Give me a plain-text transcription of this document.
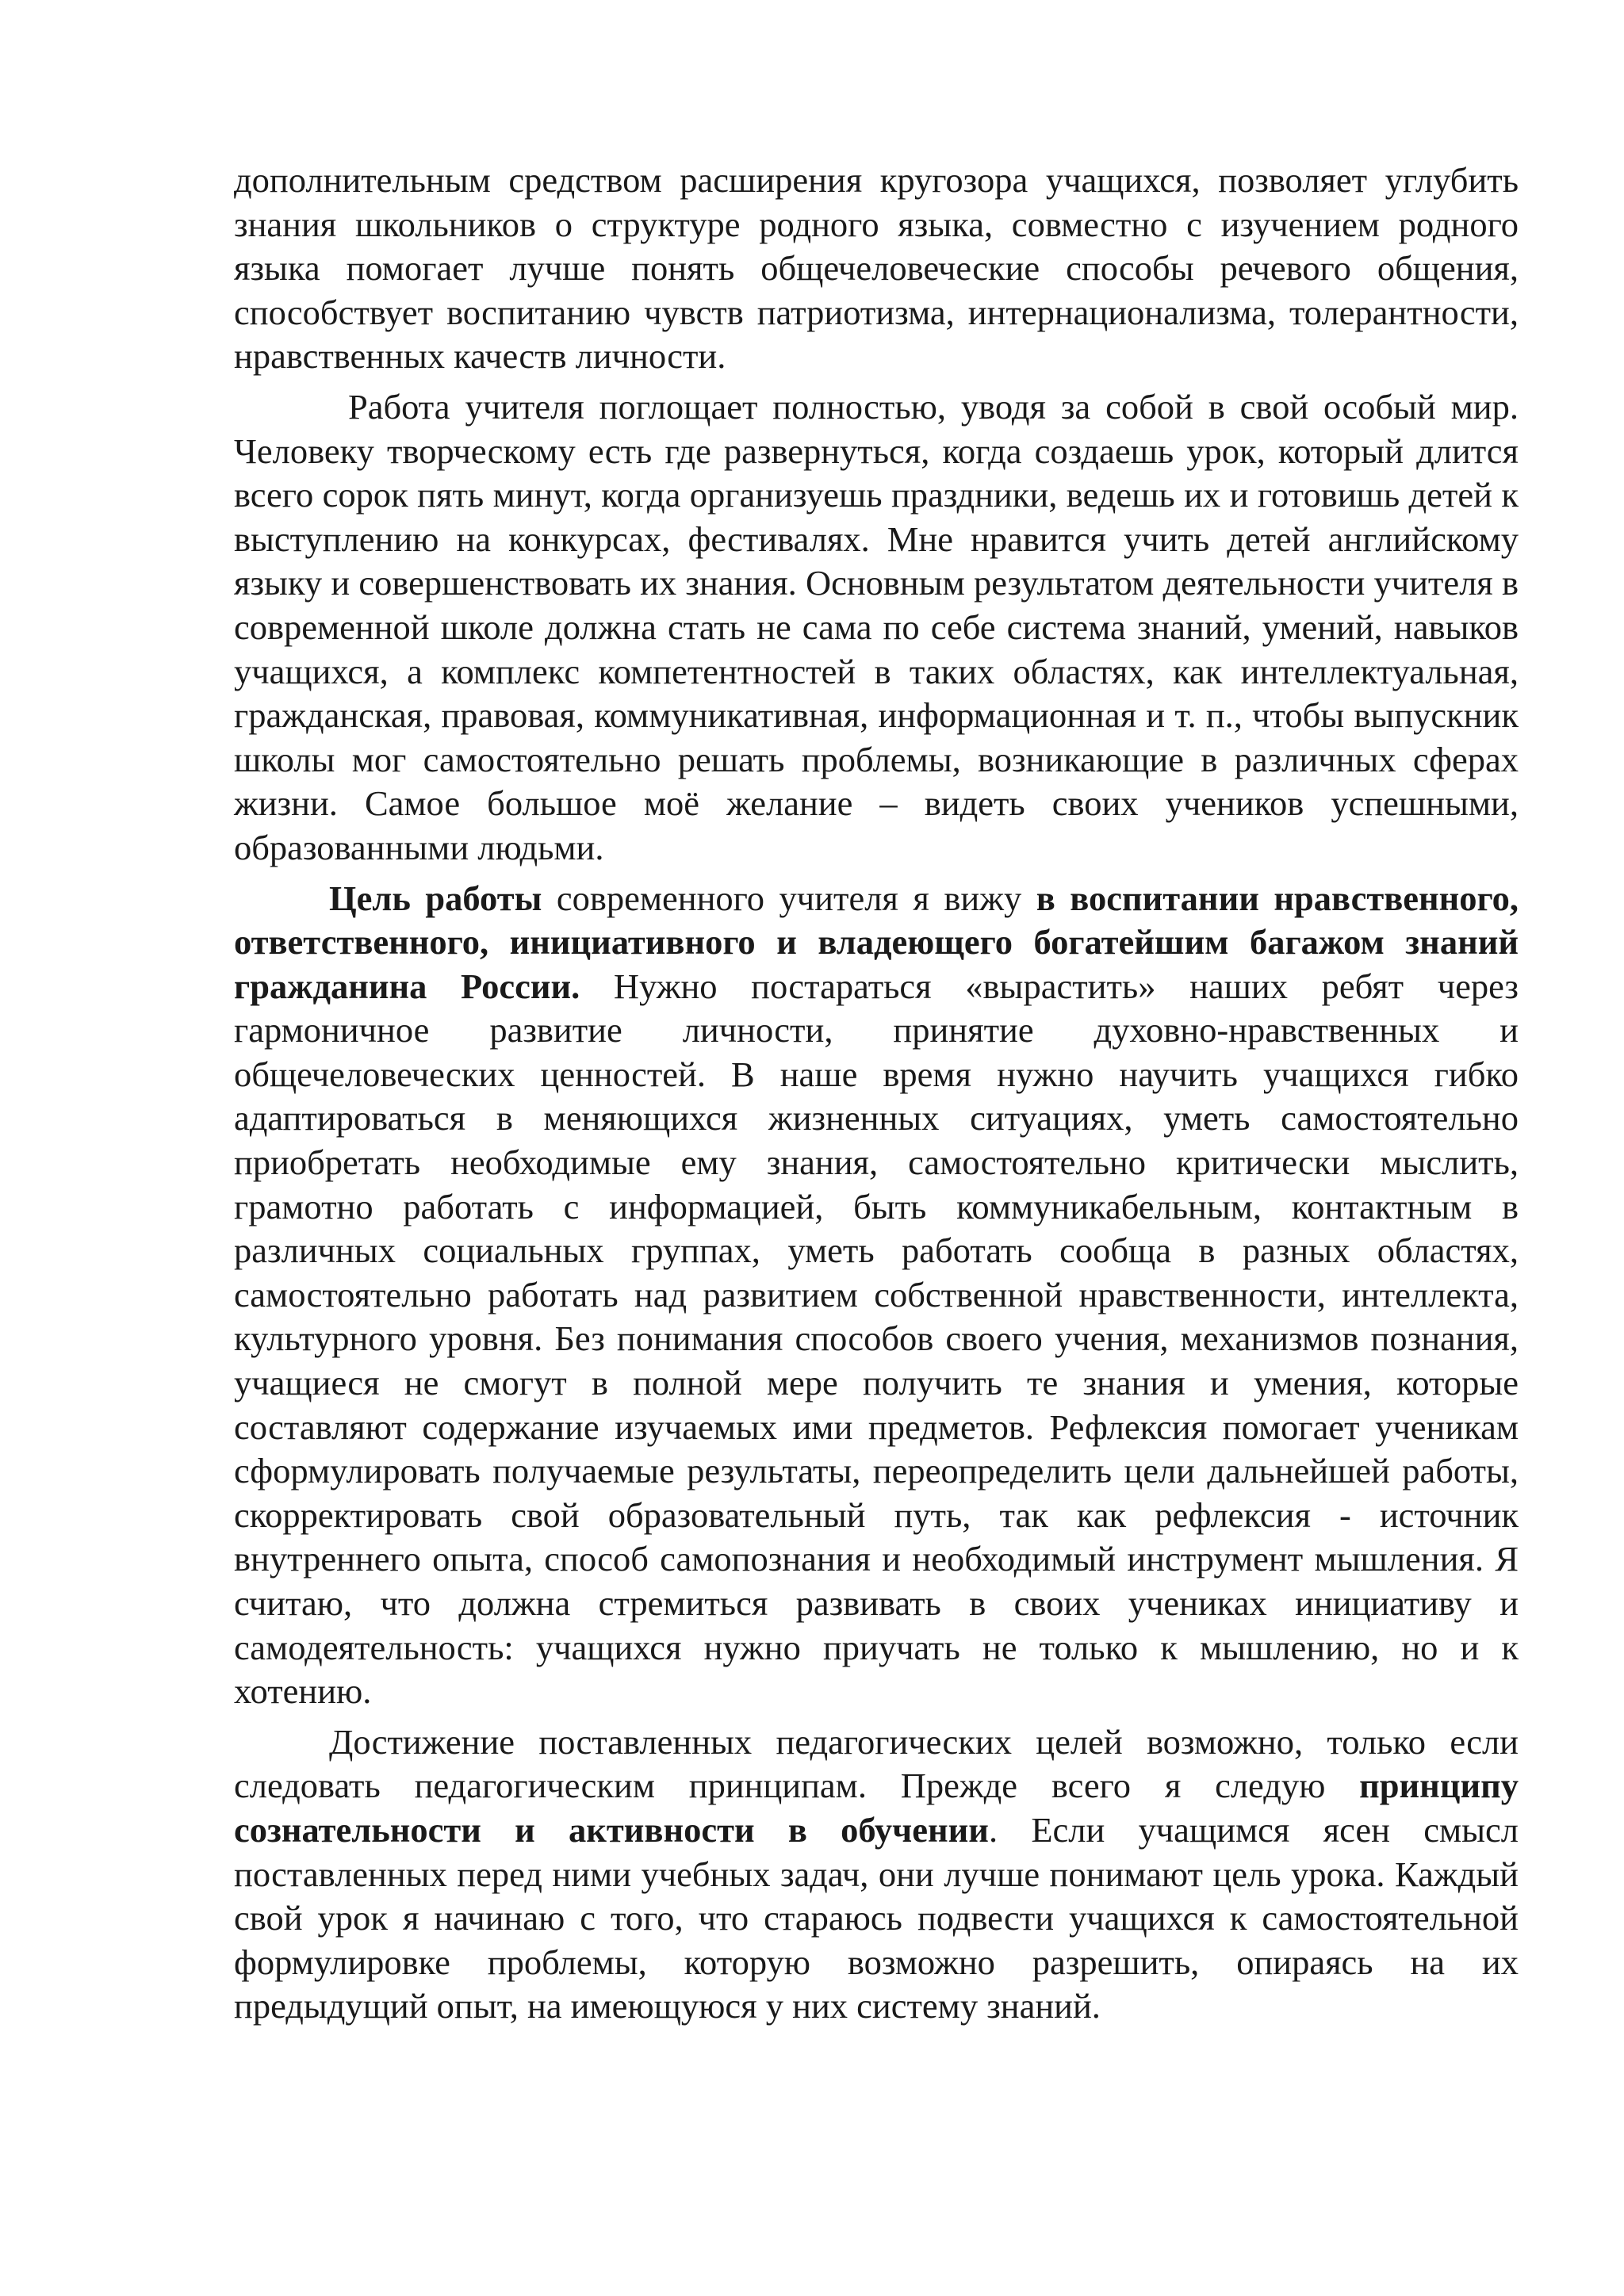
дополнительным средством расширения кругозора учащихся, позволяет углубить знания школьников о структуре родного языка, совместно с изучением родного языка помогает лучше понять общечеловеческие способы речевого общения, способствует воспитанию чувств патриотизма, интернационализма, толерантности, нравственных качеств личности.

Работа учителя поглощает полностью, уводя за собой в свой особый мир. Человеку творческому есть где развернуться, когда создаешь урок, который длится всего сорок пять минут, когда организуешь праздники, ведешь их и готовишь детей к выступлению на конкурсах, фестивалях. Мне нравится учить детей английскому языку и совершенствовать их знания. Основным результатом деятельности учителя в современной школе должна стать не сама по себе система знаний, умений, навыков учащихся, а комплекс компетентностей в таких областях, как интеллектуальная, гражданская, правовая, коммуникативная, информационная и т. п., чтобы выпускник школы мог самостоятельно решать проблемы, возникающие в различных сферах жизни. Самое большое моё желание – видеть своих учеников успешными, образованными людьми.

Цель работы современного учителя я вижу в воспитании нравственного, ответственного, инициативного и владеющего богатейшим багажом знаний гражданина России. Нужно постараться «вырастить» наших ребят через гармоничное развитие личности, принятие духовно-нравственных и общечеловеческих ценностей. В наше время нужно научить учащихся гибко адаптироваться в меняющихся жизненных ситуациях, уметь самостоятельно приобретать необходимые ему знания, самостоятельно критически мыслить, грамотно работать с информацией, быть коммуникабельным, контактным в различных социальных группах, уметь работать сообща в разных областях, самостоятельно работать над развитием собственной нравственности, интеллекта, культурного уровня. Без понимания способов своего учения, механизмов познания, учащиеся не смогут в полной мере получить те знания и умения, которые составляют содержание изучаемых ими предметов. Рефлексия помогает ученикам сформулировать получаемые результаты, переопределить цели дальнейшей работы, скорректировать свой образовательный путь, так как рефлексия - источник внутреннего опыта, способ самопознания и необходимый инструмент мышления. Я считаю, что должна стремиться развивать в своих учениках инициативу и самодеятельность: учащихся нужно приучать не только к мышлению, но и к хотению.

Достижение поставленных педагогических целей возможно, только если следовать педагогическим принципам. Прежде всего я следую принципу сознательности и активности в обучении. Если учащимся ясен смысл поставленных перед ними учебных задач, они лучше понимают цель урока. Каждый свой урок я начинаю с того, что стараюсь подвести учащихся к самостоятельной формулировке проблемы, которую возможно разрешить, опираясь на их предыдущий опыт, на имеющуюся у них систему знаний.
